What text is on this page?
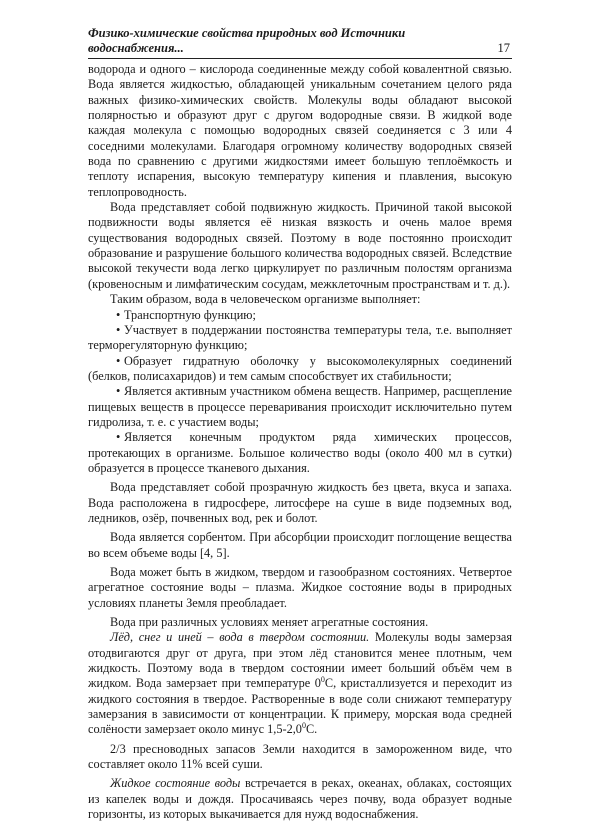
Физико-химические свойства природных вод Источники водоснабжения...	17

водорода и одного – кислорода соединенные между собой ковалентной связью. Вода является жидкостью, обладающей уникальным сочетанием целого ряда важных физико-химических свойств. Молекулы воды обладают высокой полярностью и образуют друг с другом водородные связи. В жидкой воде каждая молекула с помощью водородных связей соединяется с 3 или 4 соседними молекулами. Благодаря огромному количеству водородных связей вода по сравнению с другими жидкостями имеет большую теплоёмкость и теплоту испарения, высокую температуру кипения и плавления, высокую теплопроводность.

Вода представляет собой подвижную жидкость. Причиной такой высокой подвижности воды является её низкая вязкость и очень малое время существования водородных связей. Поэтому в воде постоянно происходит образование и разрушение большого количества водородных связей. Вследствие высокой текучести вода легко циркулирует по различным полостям организма (кровеносным и лимфатическим сосудам, межклеточным пространствам и т. д.).

Таким образом, вода в человеческом организме выполняет:

• Транспортную функцию;

• Участвует в поддержании постоянства температуры тела, т.е. выполняет терморегуляторную функцию;

• Образует гидратную оболочку у высокомолекулярных соединений (белков, полисахаридов) и тем самым способствует их стабильности;

• Является активным участником обмена веществ. Например, расщепление пищевых веществ в процессе переваривания происходит исключительно путем гидролиза, т. е. с участием воды;

• Является конечным продуктом ряда химических процессов, протекающих в организме. Большое количество воды (около 400 мл в сутки) образуется в процессе тканевого дыхания.

Вода представляет собой прозрачную жидкость без цвета, вкуса и запаха. Вода расположена в гидросфере, литосфере на суше в виде подземных вод, ледников, озёр, почвенных вод, рек и болот.

Вода является сорбентом. При абсорбции происходит поглощение вещества во всем объеме воды [4, 5].

Вода может быть в жидком, твердом и газообразном состояниях. Четвертое агрегатное состояние воды – плазма. Жидкое состояние воды в природных условиях планеты Земля преобладает.

Вода при различных условиях меняет агрегатные состояния.

Лёд, снег и иней – вода в твердом состоянии. Молекулы воды замерзая отодвигаются друг от друга, при этом лёд становится менее плотным, чем жидкость. Поэтому вода в твердом состоянии имеет больший объём чем в жидком. Вода замерзает при температуре $0^0С$, кристаллизуется и переходит из жидкого состояния в твердое. Растворенные в воде соли снижают температуру замерзания в зависимости от концентрации. К примеру, морская вода средней солёности замерзает около минус $1,5-2,0^0С$.

2/3 пресноводных запасов Земли находится в замороженном виде, что составляет около 11% всей суши.

Жидкое состояние воды встречается в реках, океанах, облаках, состоящих из капелек воды и дождя. Просачиваясь через почву, вода образует водные горизонты, из которых выкачивается для нужд водоснабжения.
